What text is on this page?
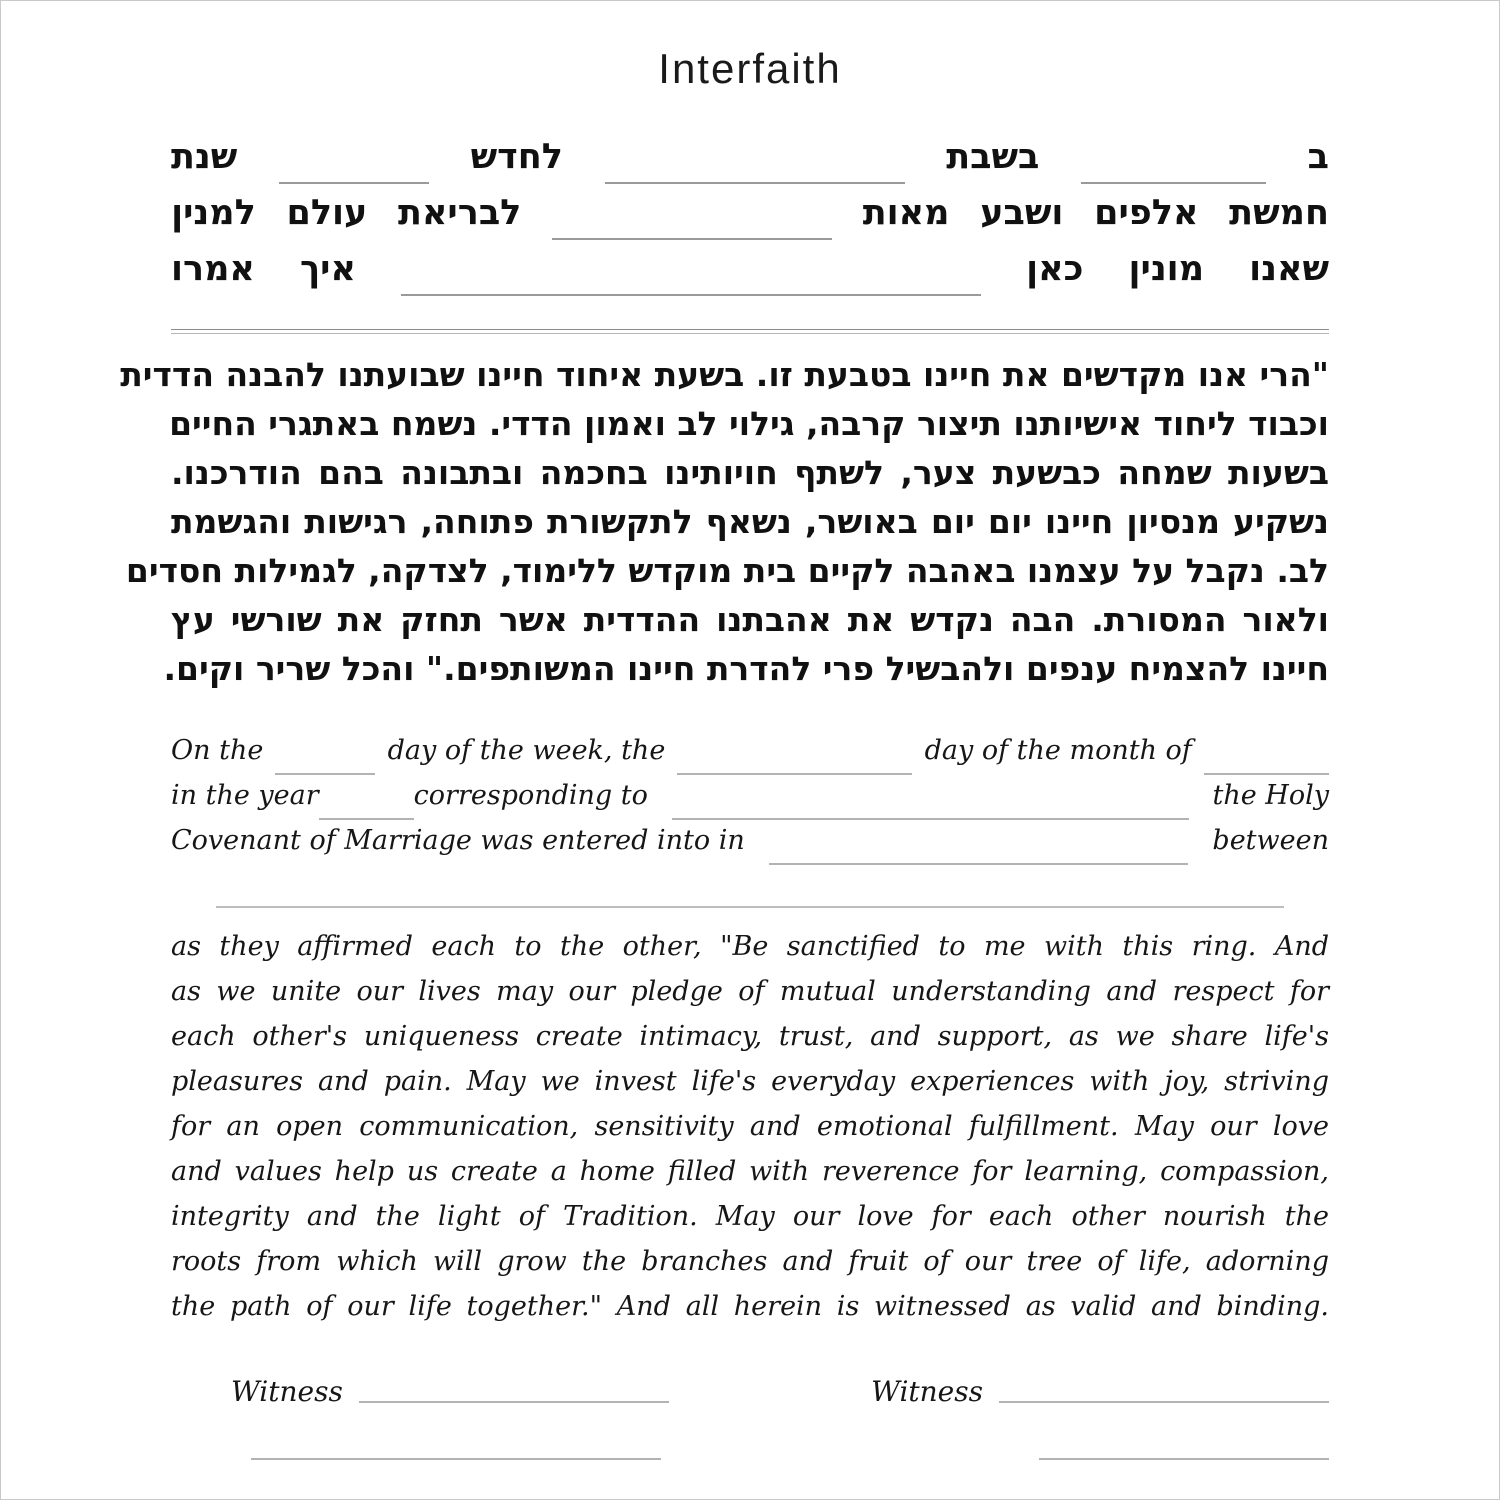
Interfaith
ב
בשבת
לחדש
שנת
חמשת
אלפים
ושבע
מאות
לבריאת
עולם
למנין
שאנו
מונין
כאן
איך
אמרו
"הרי אנו מקדשים את חיינו בטבעת זו. בשעת איחוד חיינו שבועתנו להבנה הדדית
וכבוד ליחוד אישיותנו תיצור קרבה, גילוי לב ואמון הדדי. נשמח באתגרי החיים
בשעות שמחה כבשעת צער, לשתף חויותינו בחכמה ובתבונה בהם הודרכנו.
נשקיע מנסיון חיינו יום יום באושר, נשאף לתקשורת פתוחה, רגישות והגשמת
לב. נקבל על עצמנו באהבה לקיים בית מוקדש ללימוד, לצדקה, לגמילות חסדים
ולאור המסורת. הבה נקדש את אהבתנו ההדדית אשר תחזק את שורשי עץ
חיינו להצמיח ענפים ולהבשיל פרי להדרת חיינו המשותפים." והכל שריר וקים.
On the	day of the week, the	day of the month of
in the year	corresponding to	the Holy
Covenant of Marriage was entered into in	between
as they affirmed each to the other, "Be sanctified to me with this ring. And
as we unite our lives may our pledge of mutual understanding and respect for
each other's uniqueness create intimacy, trust, and support, as we share life's
pleasures and pain. May we invest life's everyday experiences with joy, striving
for an open communication, sensitivity and emotional fulfillment. May our love
and values help us create a home filled with reverence for learning, compassion,
integrity and the light of Tradition. May our love for each other nourish the
roots from which will grow the branches and fruit of our tree of life, adorning
the path of our life together." And all herein is witnessed as valid and binding.
Witness	Witness
